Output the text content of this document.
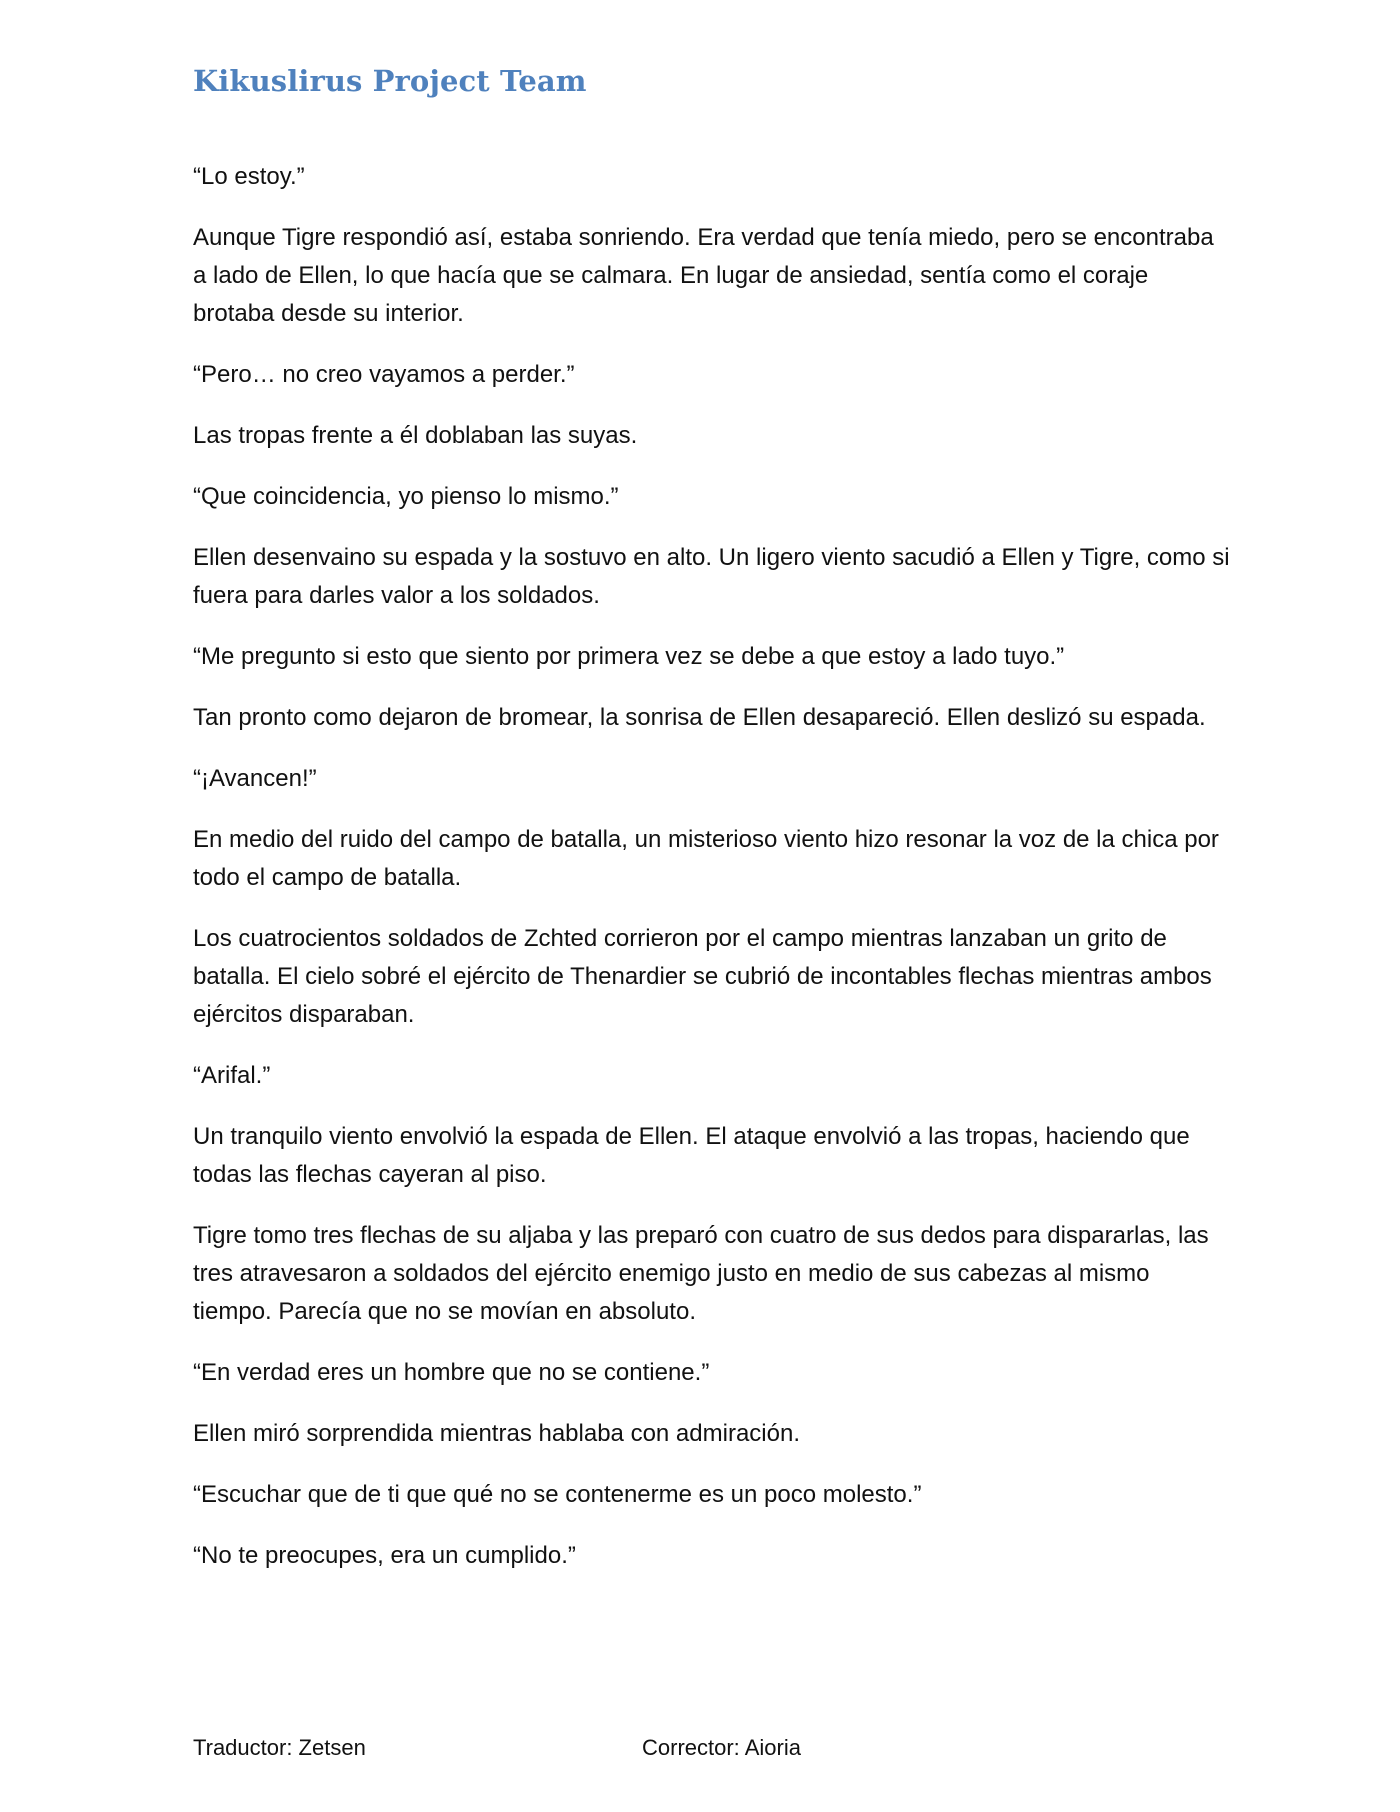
Kikuslirus Project Team

“Lo estoy.”

Aunque Tigre respondió así, estaba sonriendo. Era verdad que tenía miedo, pero se encontraba a lado de Ellen, lo que hacía que se calmara. En lugar de ansiedad, sentía como el coraje brotaba desde su interior.

“Pero… no creo vayamos a perder.”

Las tropas frente a él doblaban las suyas.

“Que coincidencia, yo pienso lo mismo.”

Ellen desenvaino su espada y la sostuvo en alto. Un ligero viento sacudió a Ellen y Tigre, como si fuera para darles valor a los soldados.

“Me pregunto si esto que siento por primera vez se debe a que estoy a lado tuyo.”

Tan pronto como dejaron de bromear, la sonrisa de Ellen desapareció. Ellen deslizó su espada.

“¡Avancen!”

En medio del ruido del campo de batalla, un misterioso viento hizo resonar la voz de la chica por todo el campo de batalla.

Los cuatrocientos soldados de Zchted corrieron por el campo mientras lanzaban un grito de batalla. El cielo sobré el ejército de Thenardier se cubrió de incontables flechas mientras ambos ejércitos disparaban.

“Arifal.”

Un tranquilo viento envolvió la espada de Ellen. El ataque envolvió a las tropas, haciendo que todas las flechas cayeran al piso.

Tigre tomo tres flechas de su aljaba y las preparó con cuatro de sus dedos para dispararlas, las tres atravesaron a soldados del ejército enemigo justo en medio de sus cabezas al mismo tiempo. Parecía que no se movían en absoluto.

“En verdad eres un hombre que no se contiene.”

Ellen miró sorprendida mientras hablaba con admiración.

“Escuchar que de ti que qué no se contenerme es un poco molesto.”

“No te preocupes, era un cumplido.”

Traductor: Zetsen	Corrector: Aioria
